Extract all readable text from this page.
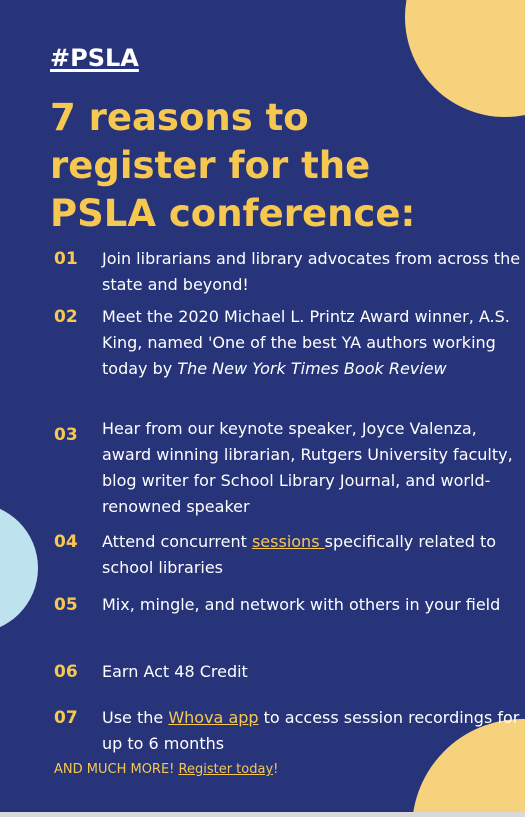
#PSLA
7 reasons to register for the PSLA conference:
01 Join librarians and library advocates from across the state and beyond!
02 Meet the 2020 Michael L. Printz Award winner, A.S. King, named 'One of the best YA authors working today by The New York Times Book Review
03 Hear from our keynote speaker, Joyce Valenza, award winning librarian, Rutgers University faculty, blog writer for School Library Journal, and world-renowned speaker
04 Attend concurrent sessions specifically related to school libraries
05 Mix, mingle, and network with others in your field
06 Earn Act 48 Credit
07 Use the Whova app to access session recordings for up to 6 months
AND MUCH MORE! Register today!
